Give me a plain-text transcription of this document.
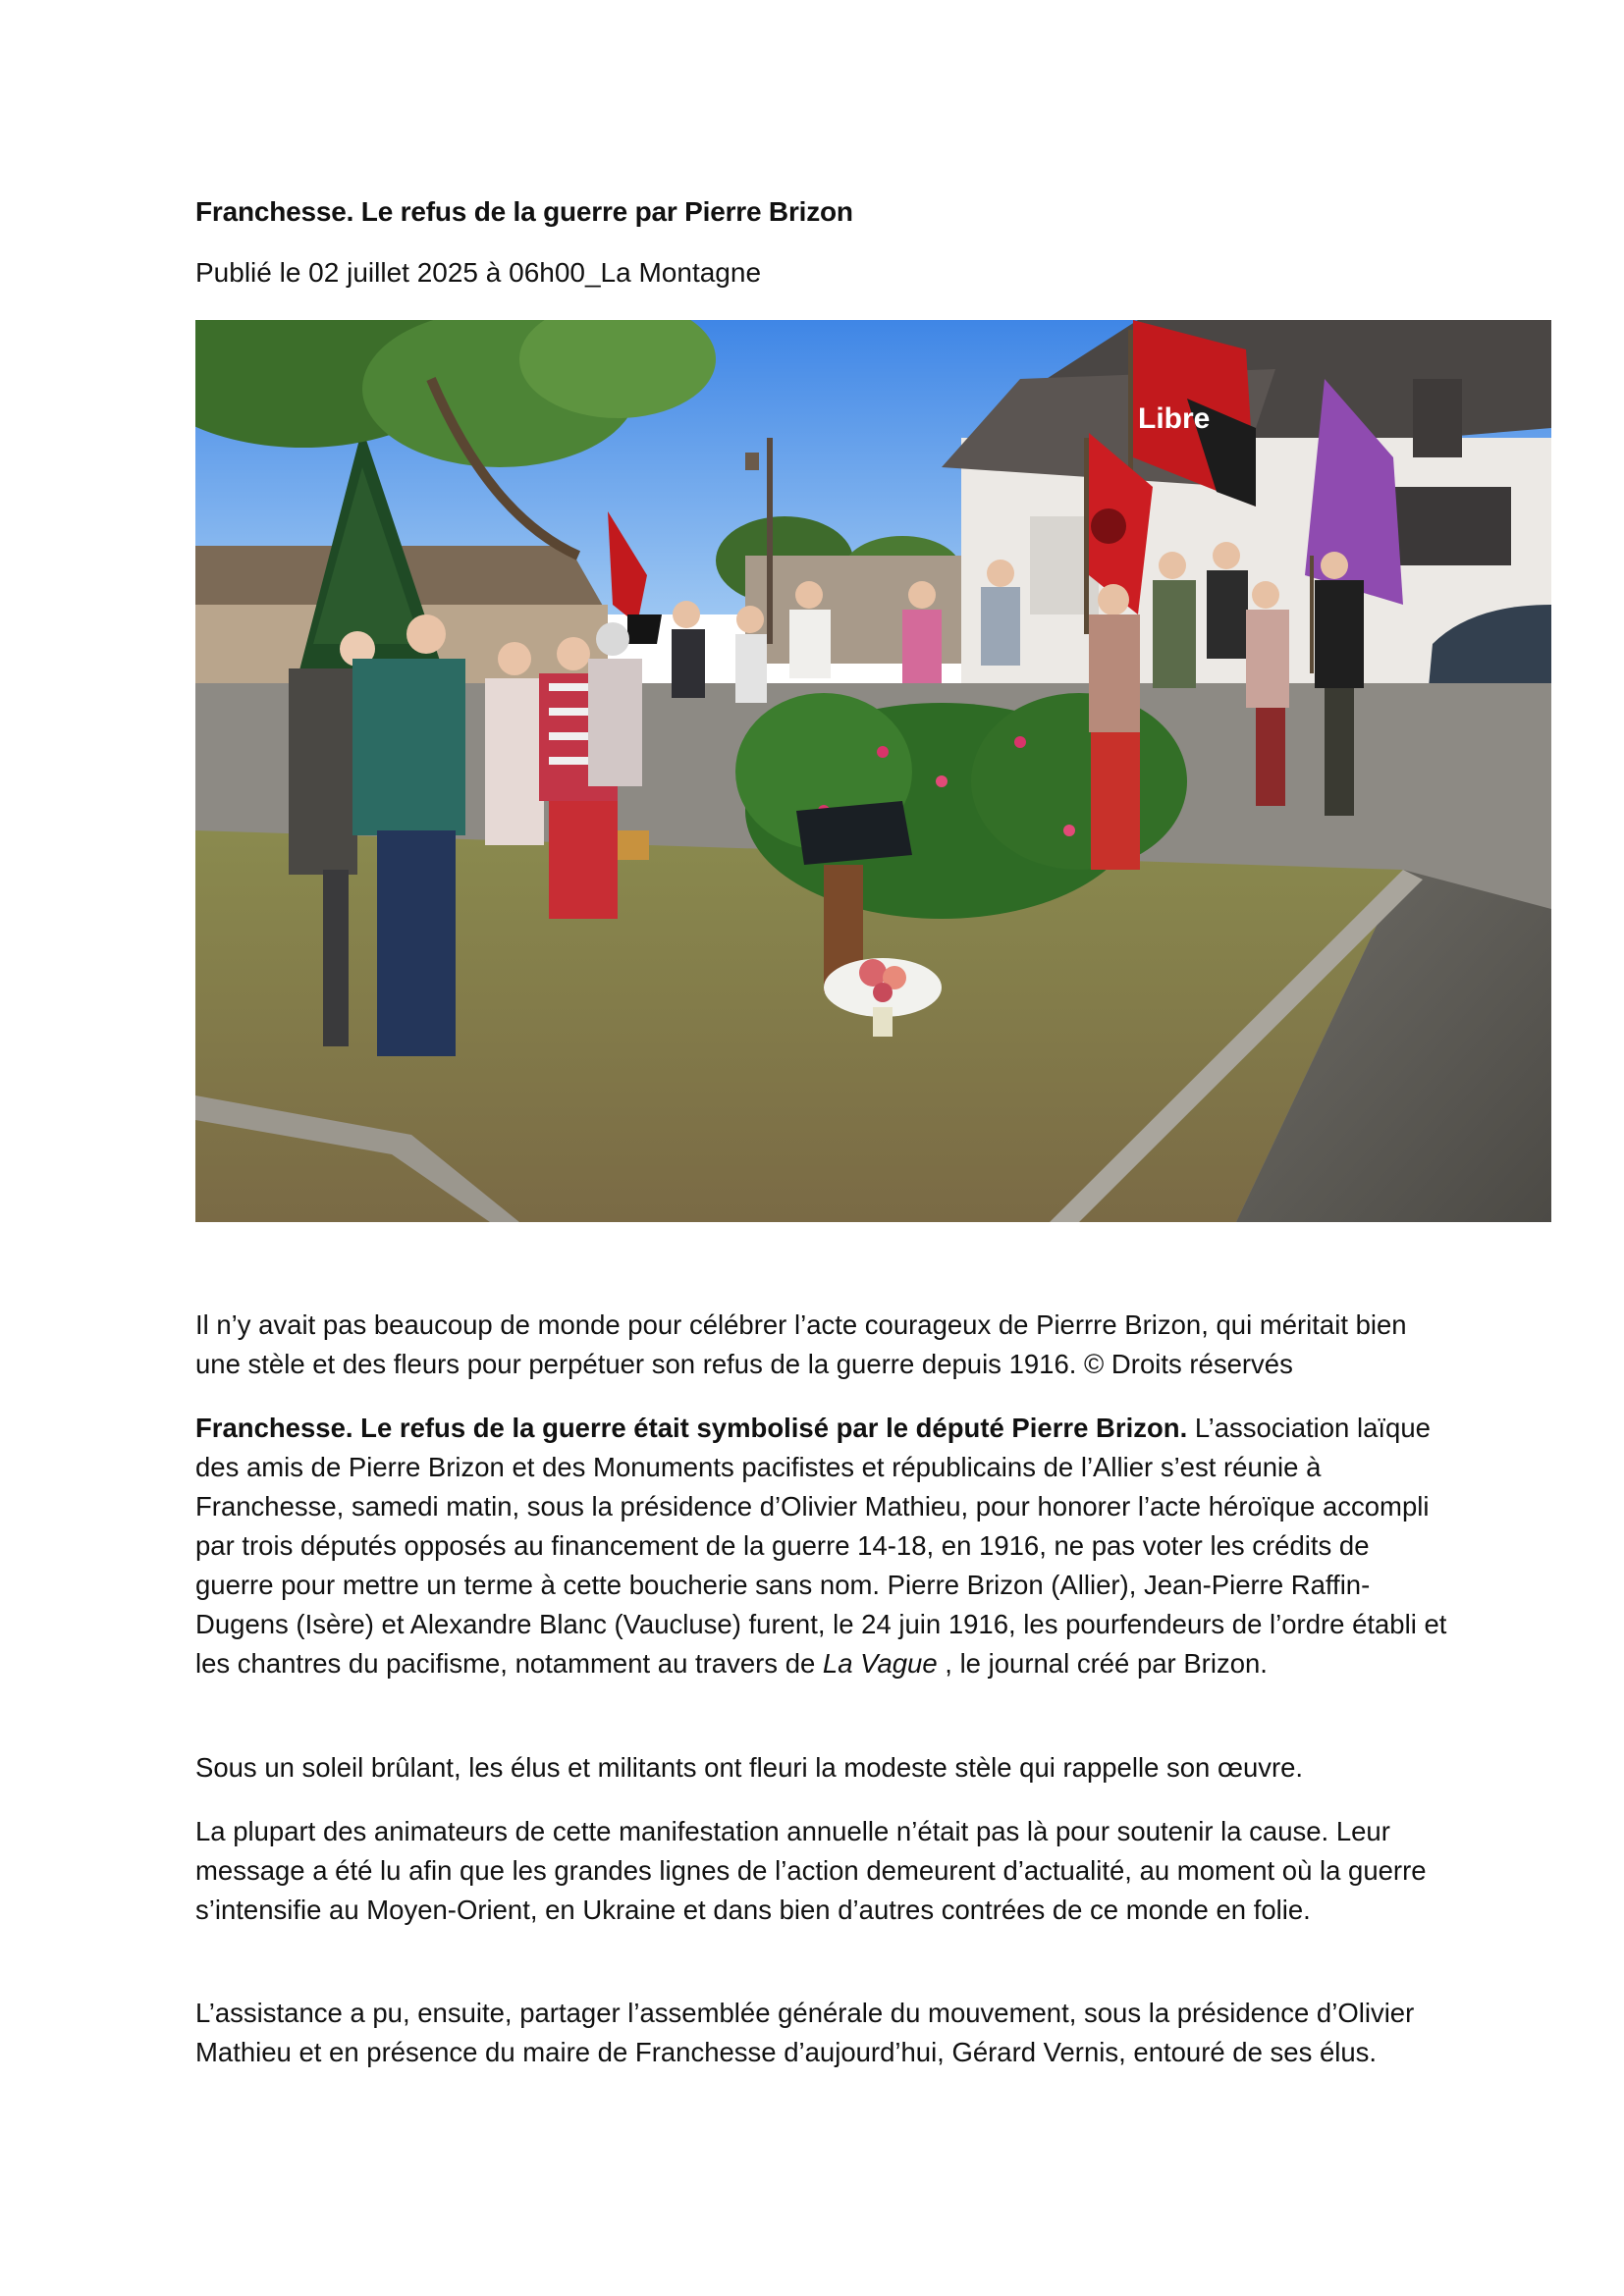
Franchesse. Le refus de la guerre par Pierre Brizon

Publié le 02 juillet 2025 à 06h00_La Montagne

Libre

Il n’y avait pas beaucoup de monde pour célébrer l’acte courageux de Pierrre Brizon, qui méritait bien une stèle et des fleurs pour perpétuer son refus de la guerre depuis 1916. © Droits réservés

Franchesse. Le refus de la guerre était symbolisé par le député Pierre Brizon. L’association laïque des amis de Pierre Brizon et des Monuments pacifistes et républicains de l’Allier s’est réunie à Franchesse, samedi matin, sous la présidence d’Olivier Mathieu, pour honorer l’acte héroïque accompli par trois députés opposés au financement de la guerre 14-18, en 1916, ne pas voter les crédits de guerre pour mettre un terme à cette boucherie sans nom. Pierre Brizon (Allier), Jean-Pierre Raffin-Dugens (Isère) et Alexandre Blanc (Vaucluse) furent, le 24 juin 1916, les pourfendeurs de l’ordre établi et les chantres du pacifisme, notamment au travers de La Vague , le journal créé par Brizon.

Sous un soleil brûlant, les élus et militants ont fleuri la modeste stèle qui rappelle son œuvre.

La plupart des animateurs de cette manifestation annuelle n’était pas là pour soutenir la cause. Leur message a été lu afin que les grandes lignes de l’action demeurent d’actualité, au moment où la guerre s’intensifie au Moyen-Orient, en Ukraine et dans bien d’autres contrées de ce monde en folie.

L’assistance a pu, ensuite, partager l’assemblée générale du mouvement, sous la présidence d’Olivier Mathieu et en présence du maire de Franchesse d’aujourd’hui, Gérard Vernis, entouré de ses élus.
